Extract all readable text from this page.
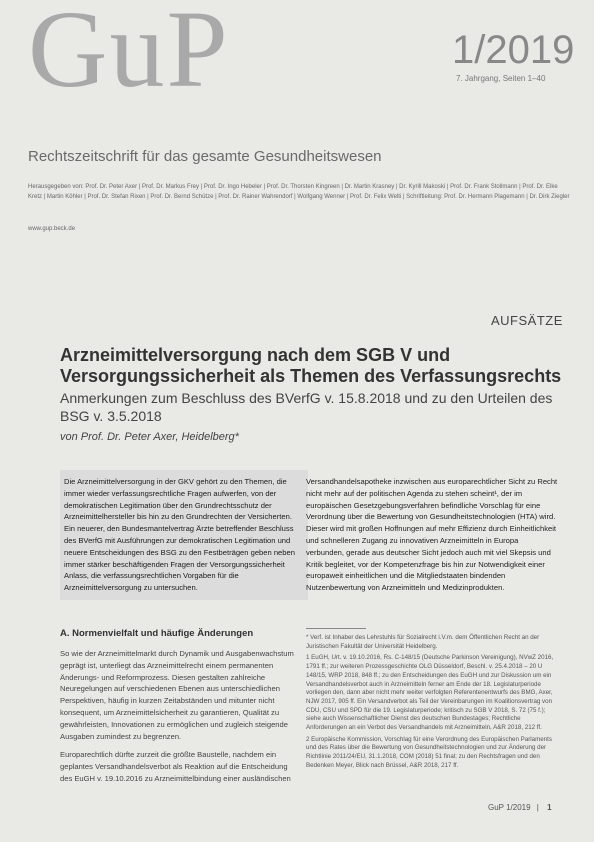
GuP	1/2019
7. Jahrgang, Seiten 1–40
Rechtszeitschrift für das gesamte Gesundheitswesen
Herausgegeben von: Prof. Dr. Peter Axer | Prof. Dr. Markus Frey | Prof. Dr. Ingo Hebeler | Prof. Dr. Thorsten Kingreen | Dr. Martin Krasney | Dr. Kyrill Makoski | Prof. Dr. Frank Stollmann | Prof. Dr. Elke Kretz | Martin Köhler | Prof. Dr. Stefan Rixen | Prof. Dr. Bernd Schütze | Prof. Dr. Rainer Wahrendorf | Wolfgang Wenner | Prof. Dr. Felix Welti | Schriftleitung: Prof. Dr. Hermann Plagemann | Dr. Dirk Ziegler
www.gup.beck.de
AUFSÄTZE
Arzneimittelversorgung nach dem SGB V und Versorgungssicherheit als Themen des Verfassungsrechts
Anmerkungen zum Beschluss des BVerfG v. 15.8.2018 und zu den Urteilen des BSG v. 3.5.2018
von Prof. Dr. Peter Axer, Heidelberg*
Die Arzneimittelversorgung in der GKV gehört zu den Themen, die immer wieder verfassungsrechtliche Fragen aufwerfen, von der demokratischen Legitimation über den Grundrechtsschutz der Arzneimittelhersteller bis hin zu den Grundrechten der Versicherten. Ein neuerer, den Bundesmantelvertrag Ärzte betreffender Beschluss des BVerfG mit Ausführungen zur demokratischen Legitimation und neuere Entscheidungen des BSG zu den Festbeträgen geben neben immer stärker beschäftigenden Fragen der Versorgungssicherheit Anlass, die verfassungsrechtlichen Vorgaben für die Arzneimittelversorgung zu untersuchen.
Versandhandelsapotheke inzwischen aus europarechtlicher Sicht zu Recht nicht mehr auf der politischen Agenda zu stehen scheint¹, der im europäischen Gesetzgebungsverfahren befindliche Vorschlag für eine Verordnung über die Bewertung von Gesundheitstechnologien (HTA) wird. Dieser wird mit großen Hoffnungen auf mehr Effizienz durch Einheitlichkeit und schnelleren Zugang zu innovativen Arzneimitteln in Europa verbunden, gerade aus deutscher Sicht jedoch auch mit viel Skepsis und Kritik begleitet, vor der Kompetenzfrage bis hin zur Notwendigkeit einer europaweit einheitlichen und die Mitgliedstaaten bindenden Nutzenbewertung von Arzneimitteln und Medizinprodukten.
A. Normenvielfalt und häufige Änderungen

So wie der Arzneimittelmarkt durch Dynamik und Ausgabenwachstum geprägt ist, unterliegt das Arzneimittelrecht einem permanenten Änderungs- und Reformprozess. Diesen gestalten zahlreiche Neuregelungen auf verschiedenen Ebenen aus unterschiedlichen Perspektiven, häufig in kurzen Zeitabständen und mitunter nicht konsequent, um Arzneimittelsicherheit zu garantieren, Qualität zu gewährleisten, Innovationen zu ermöglichen und zugleich steigende Ausgaben zumindest zu begrenzen.

Europarechtlich dürfte zurzeit die größte Baustelle, nachdem ein geplantes Versandhandelsverbot als Reaktion auf die Entscheidung des EuGH v. 19.10.2016 zu Arzneimittelbindung einer ausländischen

* Verf. ist Inhaber des Lehrstuhls für Sozialrecht i.V.m. dem Öffentlichen Recht an der Juristischen Fakultät der Universität Heidelberg.

1 EuGH, Urt. v. 19.10.2016, Rs. C-148/15 (Deutsche Parkinson Vereinigung), NVwZ 2016, 1791 ff.; zur weiteren Prozessgeschichte OLG Düsseldorf, Beschl. v. 25.4.2018 – 20 U 148/15, WRP 2018, 848 ff.; zu den Entscheidungen des EuGH und zur Diskussion um ein Versandhandelsverbot auch in Arzneimitteln ferner am Ende der 18. Legislaturperiode vorliegen den, dann aber nicht mehr weiter verfolgten Referentenentwurfs des BMG, Axer, NJW 2017, 905 ff. Ein Versandverbot als Teil der Vereinbarungen im Koalitionsvertrag von CDU, CSU und SPD für die 19. Legislaturperiode; kritisch zu SGB V 2018, S. 72 (75 f.); siehe auch Wissenschaftlicher Dienst des deutschen Bundestages; Rechtliche Anforderungen an ein Verbot des Versandhandels mit Arzneimitteln, A&R 2018, 212 ff.

2 Europäische Kommission, Vorschlag für eine Verordnung des Europäischen Parlaments und des Rates über die Bewertung von Gesundheitstechnologien und zur Änderung der Richtlinie 2011/24/EU, 31.1.2018, COM (2018) 51 final; zu den Rechtsfragen und den Bedenken Meyer, Blick nach Brüssel, A&R 2018, 217 ff.

GuP 1/2019 | 1
